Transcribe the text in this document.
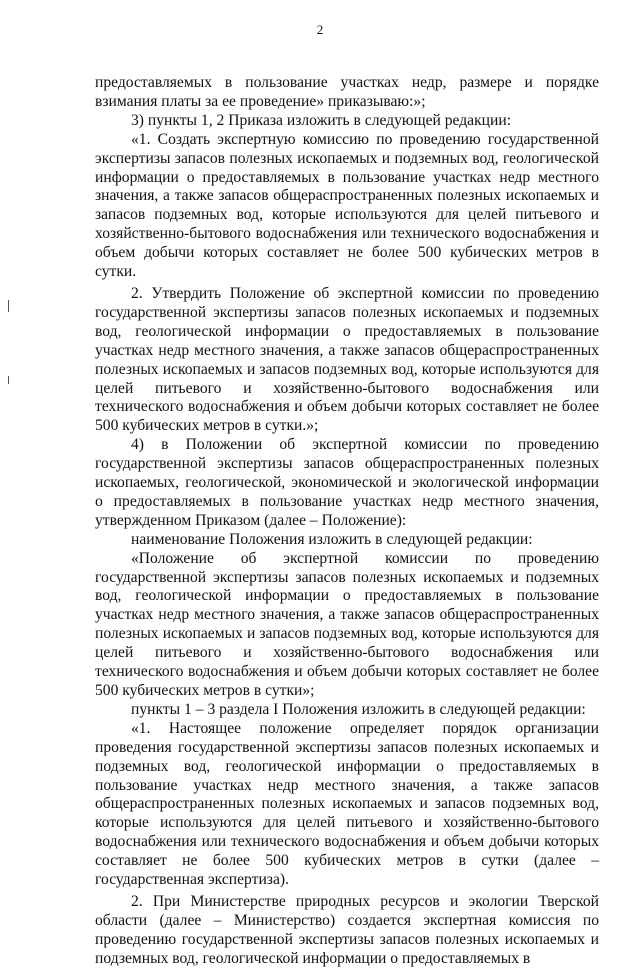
2

предоставляемых в пользование участках недр, размере и порядке взимания платы за ее проведение» приказываю:»;

3) пункты 1, 2 Приказа изложить в следующей редакции:

«1. Создать экспертную комиссию по проведению государственной экспертизы запасов полезных ископаемых и подземных вод, геологической информации о предоставляемых в пользование участках недр местного значения, а также запасов общераспространенных полезных ископаемых и запасов подземных вод, которые используются для целей питьевого и хозяйственно-бытового водоснабжения или технического водоснабжения и объем добычи которых составляет не более 500 кубических метров в сутки.

2. Утвердить Положение об экспертной комиссии по проведению государственной экспертизы запасов полезных ископаемых и подземных вод, геологической информации о предоставляемых в пользование участках недр местного значения, а также запасов общераспространенных полезных ископаемых и запасов подземных вод, которые используются для целей питьевого и хозяйственно-бытового водоснабжения или технического водоснабжения и объем добычи которых составляет не более 500 кубических метров в сутки.»;

4) в Положении об экспертной комиссии по проведению государственной экспертизы запасов общераспространенных полезных ископаемых, геологической, экономической и экологической информации о предоставляемых в пользование участках недр местного значения, утвержденном Приказом (далее – Положение):

наименование Положения изложить в следующей редакции:

«Положение об экспертной комиссии по проведению государственной экспертизы запасов полезных ископаемых и подземных вод, геологической информации о предоставляемых в пользование участках недр местного значения, а также запасов общераспространенных полезных ископаемых и запасов подземных вод, которые используются для целей питьевого и хозяйственно-бытового водоснабжения или технического водоснабжения и объем добычи которых составляет не более 500 кубических метров в сутки»;

пункты 1 – 3 раздела I Положения изложить в следующей редакции:

«1. Настоящее положение определяет порядок организации проведения государственной экспертизы запасов полезных ископаемых и подземных вод, геологической информации о предоставляемых в пользование участках недр местного значения, а также запасов общераспространенных полезных ископаемых и запасов подземных вод, которые используются для целей питьевого и хозяйственно-бытового водоснабжения или технического водоснабжения и объем добычи которых составляет не более 500 кубических метров в сутки (далее – государственная экспертиза).

2. При Министерстве природных ресурсов и экологии Тверской области (далее – Министерство) создается экспертная комиссия по проведению государственной экспертизы запасов полезных ископаемых и подземных вод, геологической информации о предоставляемых в
